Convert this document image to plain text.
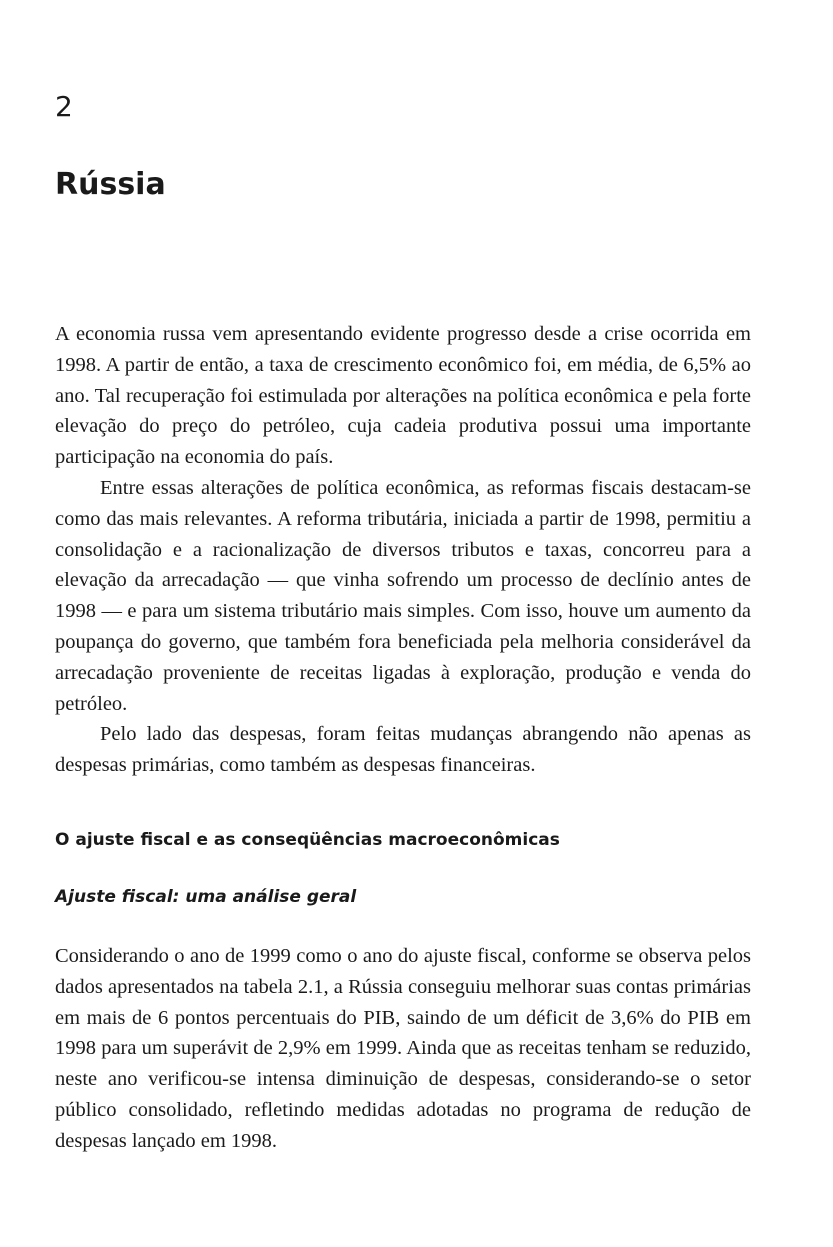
2
Rússia

A economia russa vem apresentando evidente progresso desde a crise ocorrida em 1998. A partir de então, a taxa de crescimento econômico foi, em média, de 6,5% ao ano. Tal recuperação foi estimulada por alterações na política econômica e pela forte elevação do preço do petróleo, cuja cadeia produtiva possui uma importante participação na economia do país.

Entre essas alterações de política econômica, as reformas fiscais destacam-se como das mais relevantes. A reforma tributária, iniciada a partir de 1998, permitiu a consolidação e a racionalização de diversos tributos e taxas, concorreu para a elevação da arrecadação — que vinha sofrendo um processo de declínio antes de 1998 — e para um sistema tributário mais simples. Com isso, houve um aumento da poupança do governo, que também fora beneficiada pela melhoria considerável da arrecadação proveniente de receitas ligadas à exploração, produção e venda do petróleo.

Pelo lado das despesas, foram feitas mudanças abrangendo não apenas as despesas primárias, como também as despesas financeiras.

O ajuste fiscal e as conseqüências macroeconômicas
Ajuste fiscal: uma análise geral

Considerando o ano de 1999 como o ano do ajuste fiscal, conforme se observa pelos dados apresentados na tabela 2.1, a Rússia conseguiu melhorar suas contas primárias em mais de 6 pontos percentuais do PIB, saindo de um déficit de 3,6% do PIB em 1998 para um superávit de 2,9% em 1999. Ainda que as receitas tenham se reduzido, neste ano verificou-se intensa diminuição de despesas, considerando-se o setor público consolidado, refletindo medidas adotadas no programa de redução de despesas lançado em 1998.
